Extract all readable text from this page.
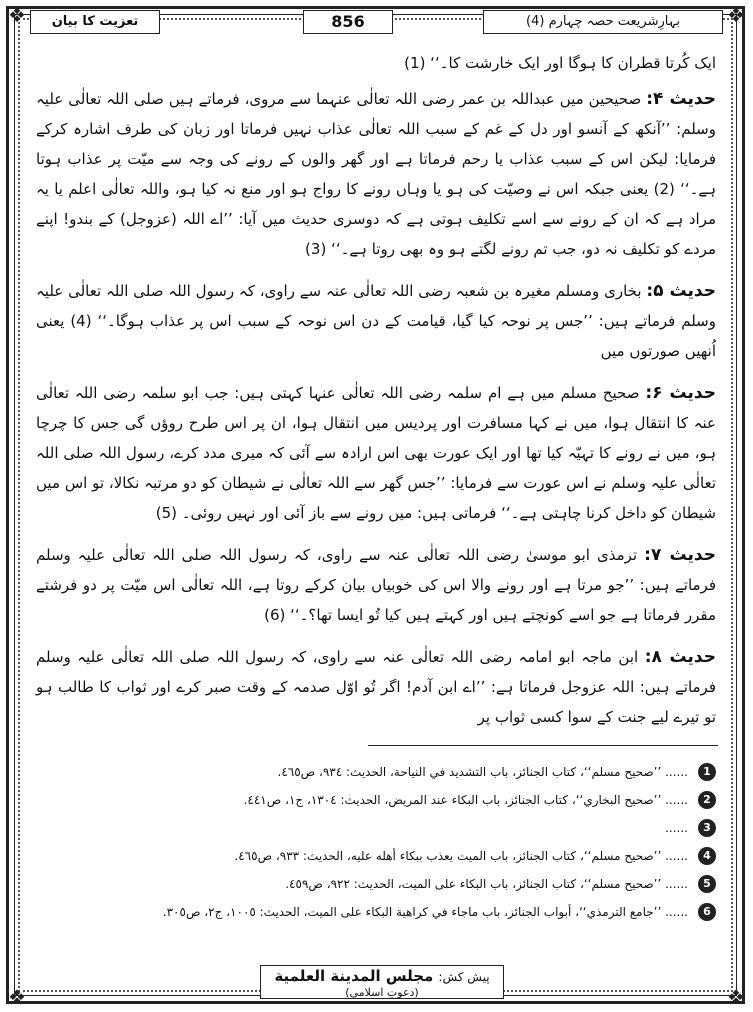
❖	❖
❖	❖
بہارِشریعت حصہ چہارم (4)
856
تعزیت کا بیان

ایک کُرتا قطران کا ہوگا اور ایک خارشت کا۔‘‘ (1)

حدیث ۴: صحیحین میں عبداللہ بن عمر رضی اللہ تعالٰی عنہما سے مروی، فرماتے ہیں صلی اللہ تعالٰی علیہ وسلم: ’’آنکھ کے آنسو اور دل کے غم کے سبب اللہ تعالٰی عذاب نہیں فرماتا اور زبان کی طرف اشارہ کرکے فرمایا: لیکن اس کے سبب عذاب یا رحم فرماتا ہے اور گھر والوں کے رونے کی وجہ سے میّت پر عذاب ہوتا ہے۔‘‘ (2) یعنی جبکہ اس نے وصیّت کی ہو یا وہاں رونے کا رواج ہو اور منع نہ کیا ہو، واللہ تعالٰی اعلم یا یہ مراد ہے کہ ان کے رونے سے اسے تکلیف ہوتی ہے کہ دوسری حدیث میں آیا: ’’اے اللہ (عزوجل) کے بندو! اپنے مردے کو تکلیف نہ دو، جب تم رونے لگتے ہو وہ بھی روتا ہے۔‘‘ (3)

حدیث ۵: بخاری ومسلم مغیرہ بن شعبہ رضی اللہ تعالٰی عنہ سے راوی، کہ رسول اللہ صلی اللہ تعالٰی علیہ وسلم فرماتے ہیں: ’’جس پر نوحہ کیا گیا، قیامت کے دن اس نوحہ کے سبب اس پر عذاب ہوگا۔‘‘ (4) یعنی اُنھیں صورتوں میں

حدیث ۶: صحیح مسلم میں ہے ام سلمہ رضی اللہ تعالٰی عنہا کہتی ہیں: جب ابو سلمہ رضی اللہ تعالٰی عنہ کا انتقال ہوا، میں نے کہا مسافرت اور پردیس میں انتقال ہوا، ان پر اس طرح روؤں گی جس کا چرچا ہو، میں نے رونے کا تہیّہ کیا تھا اور ایک عورت بھی اس ارادہ سے آئی کہ میری مدد کرے، رسول اللہ صلی اللہ تعالٰی علیہ وسلم نے اس عورت سے فرمایا: ’’جس گھر سے اللہ تعالٰی نے شیطان کو دو مرتبہ نکالا، تو اس میں شیطان کو داخل کرنا چاہتی ہے۔‘‘ فرماتی ہیں: میں رونے سے باز آئی اور نہیں روئی۔ (5)

حدیث ۷: ترمذی ابو موسیٰ رضی اللہ تعالٰی عنہ سے راوی، کہ رسول اللہ صلی اللہ تعالٰی علیہ وسلم فرماتے ہیں: ’’جو مرتا ہے اور رونے والا اس کی خوبیاں بیان کرکے روتا ہے، اللہ تعالٰی اس میّت پر دو فرشتے مقرر فرماتا ہے جو اسے کونچتے ہیں اور کہتے ہیں کیا تُو ایسا تھا؟۔‘‘ (6)

حدیث ۸: ابن ماجہ ابو امامہ رضی اللہ تعالٰی عنہ سے راوی، کہ رسول اللہ صلی اللہ تعالٰی علیہ وسلم فرماتے ہیں: اللہ عزوجل فرماتا ہے: ’’اے ابن آدم! اگر تُو اوّل صدمہ کے وقت صبر کرے اور ثواب کا طالب ہو تو تیرے لیے جنت کے سوا کسی ثواب پر

1
...... ’’صحيح مسلم‘‘، كتاب الجنائز، باب التشديد في النياحة، الحديث: ٩٣٤، ص٤٦٥.
2
...... ’’صحيح البخاري‘‘، كتاب الجنائز، باب البكاء عند المريض، الحديث: ١٣٠٤، ج١، ص٤٤١.
3
......
4
...... ’’صحيح مسلم‘‘، كتاب الجنائز، باب الميت يعذب ببكاء أهله عليه، الحديث: ٩٣٣، ص٤٦٥.
5
...... ’’صحيح مسلم‘‘، كتاب الجنائز، باب البكاء على الميت، الحديث: ٩٢٢، ص٤٥٩.
6
...... ’’جامع الترمذي‘‘، أبواب الجنائز، باب ماجاء في كراهية البكاء على الميت، الحديث: ١٠٠٥، ج٢، ص٣٠٥.
پیش کش: مجلس المدينة العلمية
(دعوتِ اسلامی)
